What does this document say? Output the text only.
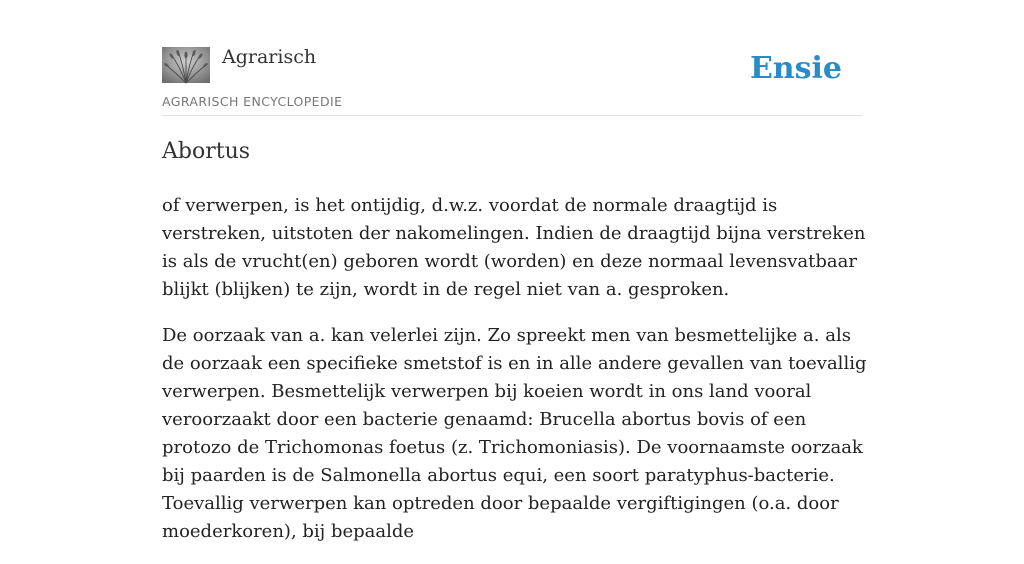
Agrarisch	Ensie
AGRARISCH ENCYCLOPEDIE
Abortus

of verwerpen, is het ontijdig, d.w.z. voordat de normale draagtijd is verstreken, uitstoten der nakomelingen. Indien de draagtijd bijna verstreken is als de vrucht(en) geboren wordt (worden) en deze normaal levensvatbaar blijkt (blijken) te zijn, wordt in de regel niet van a. gesproken.

De oorzaak van a. kan velerlei zijn. Zo spreekt men van besmettelijke a. als de oorzaak een specifieke smetstof is en in alle andere gevallen van toevallig verwerpen. Besmettelijk verwerpen bij koeien wordt in ons land vooral veroorzaakt door een bacterie genaamd: Brucella abortus bovis of een protozo de Trichomonas foetus (z. Trichomoniasis). De voornaamste oorzaak bij paarden is de Salmonella abortus equi, een soort paratyphus-bacterie. Toevallig verwerpen kan optreden door bepaalde vergiftigingen (o.a. door moederkoren), bij bepaalde
